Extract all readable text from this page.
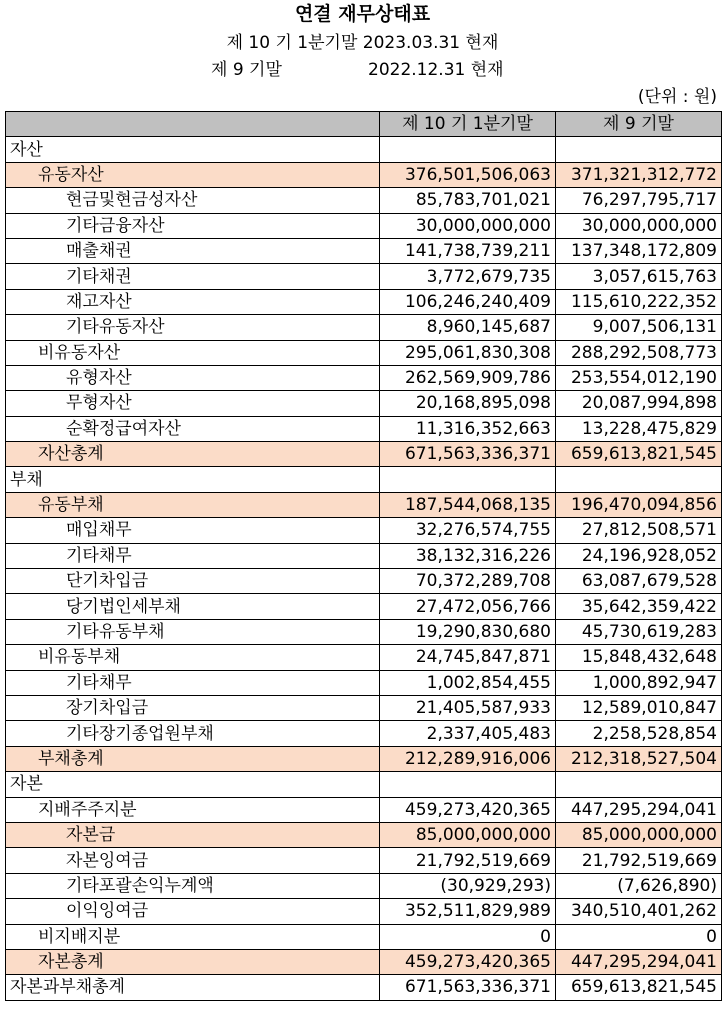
연결 재무상태표
제 10 기 1분기말 2023.03.31 현재
제 9 기말	2022.12.31 현재
(단위 : 원)
	제 10 기 1분기말	제 9 기말
자산		
유동자산	376,501,506,063	371,321,312,772
현금및현금성자산	85,783,701,021	76,297,795,717
기타금융자산	30,000,000,000	30,000,000,000
매출채권	141,738,739,211	137,348,172,809
기타채권	3,772,679,735	3,057,615,763
재고자산	106,246,240,409	115,610,222,352
기타유동자산	8,960,145,687	9,007,506,131
비유동자산	295,061,830,308	288,292,508,773
유형자산	262,569,909,786	253,554,012,190
무형자산	20,168,895,098	20,087,994,898
순확정급여자산	11,316,352,663	13,228,475,829
자산총계	671,563,336,371	659,613,821,545
부채		
유동부채	187,544,068,135	196,470,094,856
매입채무	32,276,574,755	27,812,508,571
기타채무	38,132,316,226	24,196,928,052
단기차입금	70,372,289,708	63,087,679,528
당기법인세부채	27,472,056,766	35,642,359,422
기타유동부채	19,290,830,680	45,730,619,283
비유동부채	24,745,847,871	15,848,432,648
기타채무	1,002,854,455	1,000,892,947
장기차입금	21,405,587,933	12,589,010,847
기타장기종업원부채	2,337,405,483	2,258,528,854
부채총계	212,289,916,006	212,318,527,504
자본		
지배주주지분	459,273,420,365	447,295,294,041
자본금	85,000,000,000	85,000,000,000
자본잉여금	21,792,519,669	21,792,519,669
기타포괄손익누계액	(30,929,293)	(7,626,890)
이익잉여금	352,511,829,989	340,510,401,262
비지배지분	0	0
자본총계	459,273,420,365	447,295,294,041
자본과부채총계	671,563,336,371	659,613,821,545
